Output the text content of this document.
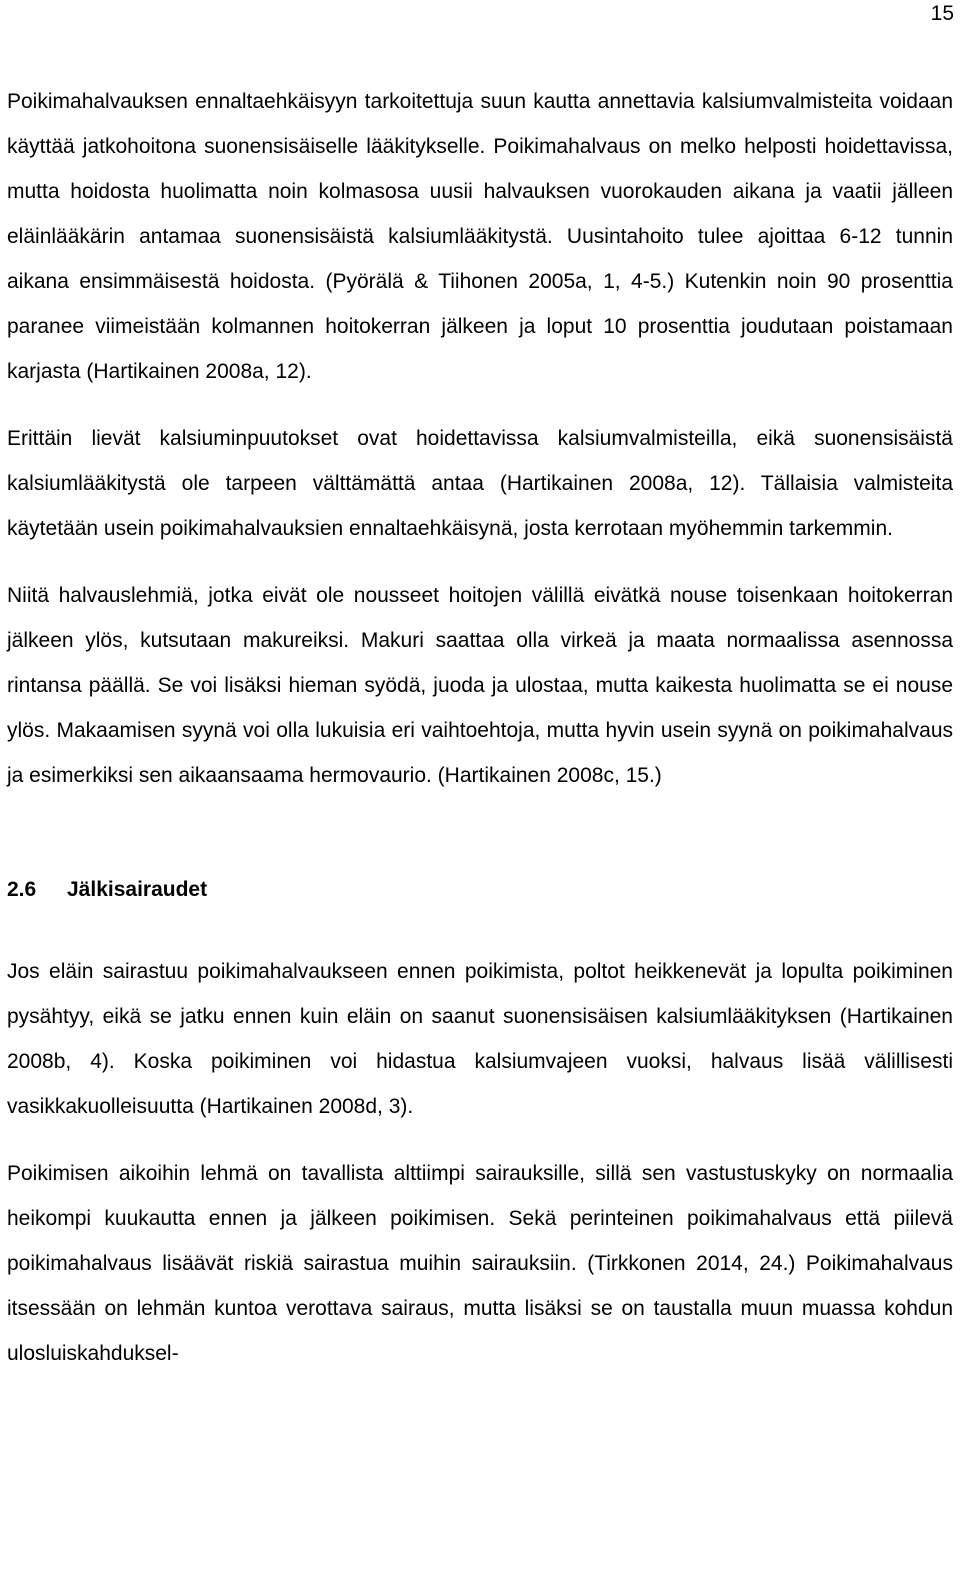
15

Poikimahalvauksen ennaltaehkäisyyn tarkoitettuja suun kautta annettavia kalsiumvalmisteita voidaan käyttää jatkohoitona suonensisäiselle lääkitykselle. Poikimahalvaus on melko helposti hoidettavissa, mutta hoidosta huolimatta noin kolmasosa uusii halvauksen vuorokauden aikana ja vaatii jälleen eläinlääkärin antamaa suonensisäistä kalsiumlääkitystä. Uusintahoito tulee ajoittaa 6-12 tunnin aikana ensimmäisestä hoidosta. (Pyörälä & Tiihonen 2005a, 1, 4-5.) Kutenkin noin 90 prosenttia paranee viimeistään kolmannen hoitokerran jälkeen ja loput 10 prosenttia joudutaan poistamaan karjasta (Hartikainen 2008a, 12).

Erittäin lievät kalsiuminpuutokset ovat hoidettavissa kalsiumvalmisteilla, eikä suonensisäistä kalsiumlääkitystä ole tarpeen välttämättä antaa (Hartikainen 2008a, 12). Tällaisia valmisteita käytetään usein poikimahalvauksien ennaltaehkäisynä, josta kerrotaan myöhemmin tarkemmin.

Niitä halvauslehmiä, jotka eivät ole nousseet hoitojen välillä eivätkä nouse toisenkaan hoitokerran jälkeen ylös, kutsutaan makureiksi. Makuri saattaa olla virkeä ja maata normaalissa asennossa rintansa päällä. Se voi lisäksi hieman syödä, juoda ja ulostaa, mutta kaikesta huolimatta se ei nouse ylös. Makaamisen syynä voi olla lukuisia eri vaihtoehtoja, mutta hyvin usein syynä on poikimahalvaus ja esimerkiksi sen aikaansaama hermovaurio. (Hartikainen 2008c, 15.)

2.6 Jälkisairaudet

Jos eläin sairastuu poikimahalvaukseen ennen poikimista, poltot heikkenevät ja lopulta poikiminen pysähtyy, eikä se jatku ennen kuin eläin on saanut suonensisäisen kalsiumlääkityksen (Hartikainen 2008b, 4). Koska poikiminen voi hidastua kalsiumvajeen vuoksi, halvaus lisää välillisesti vasikkakuolleisuutta (Hartikainen 2008d, 3).

Poikimisen aikoihin lehmä on tavallista alttiimpi sairauksille, sillä sen vastustuskyky on normaalia heikompi kuukautta ennen ja jälkeen poikimisen. Sekä perinteinen poikimahalvaus että piilevä poikimahalvaus lisäävät riskiä sairastua muihin sairauksiin. (Tirkkonen 2014, 24.) Poikimahalvaus itsessään on lehmän kuntoa verottava sairaus, mutta lisäksi se on taustalla muun muassa kohdun ulosluiskahduksel-
